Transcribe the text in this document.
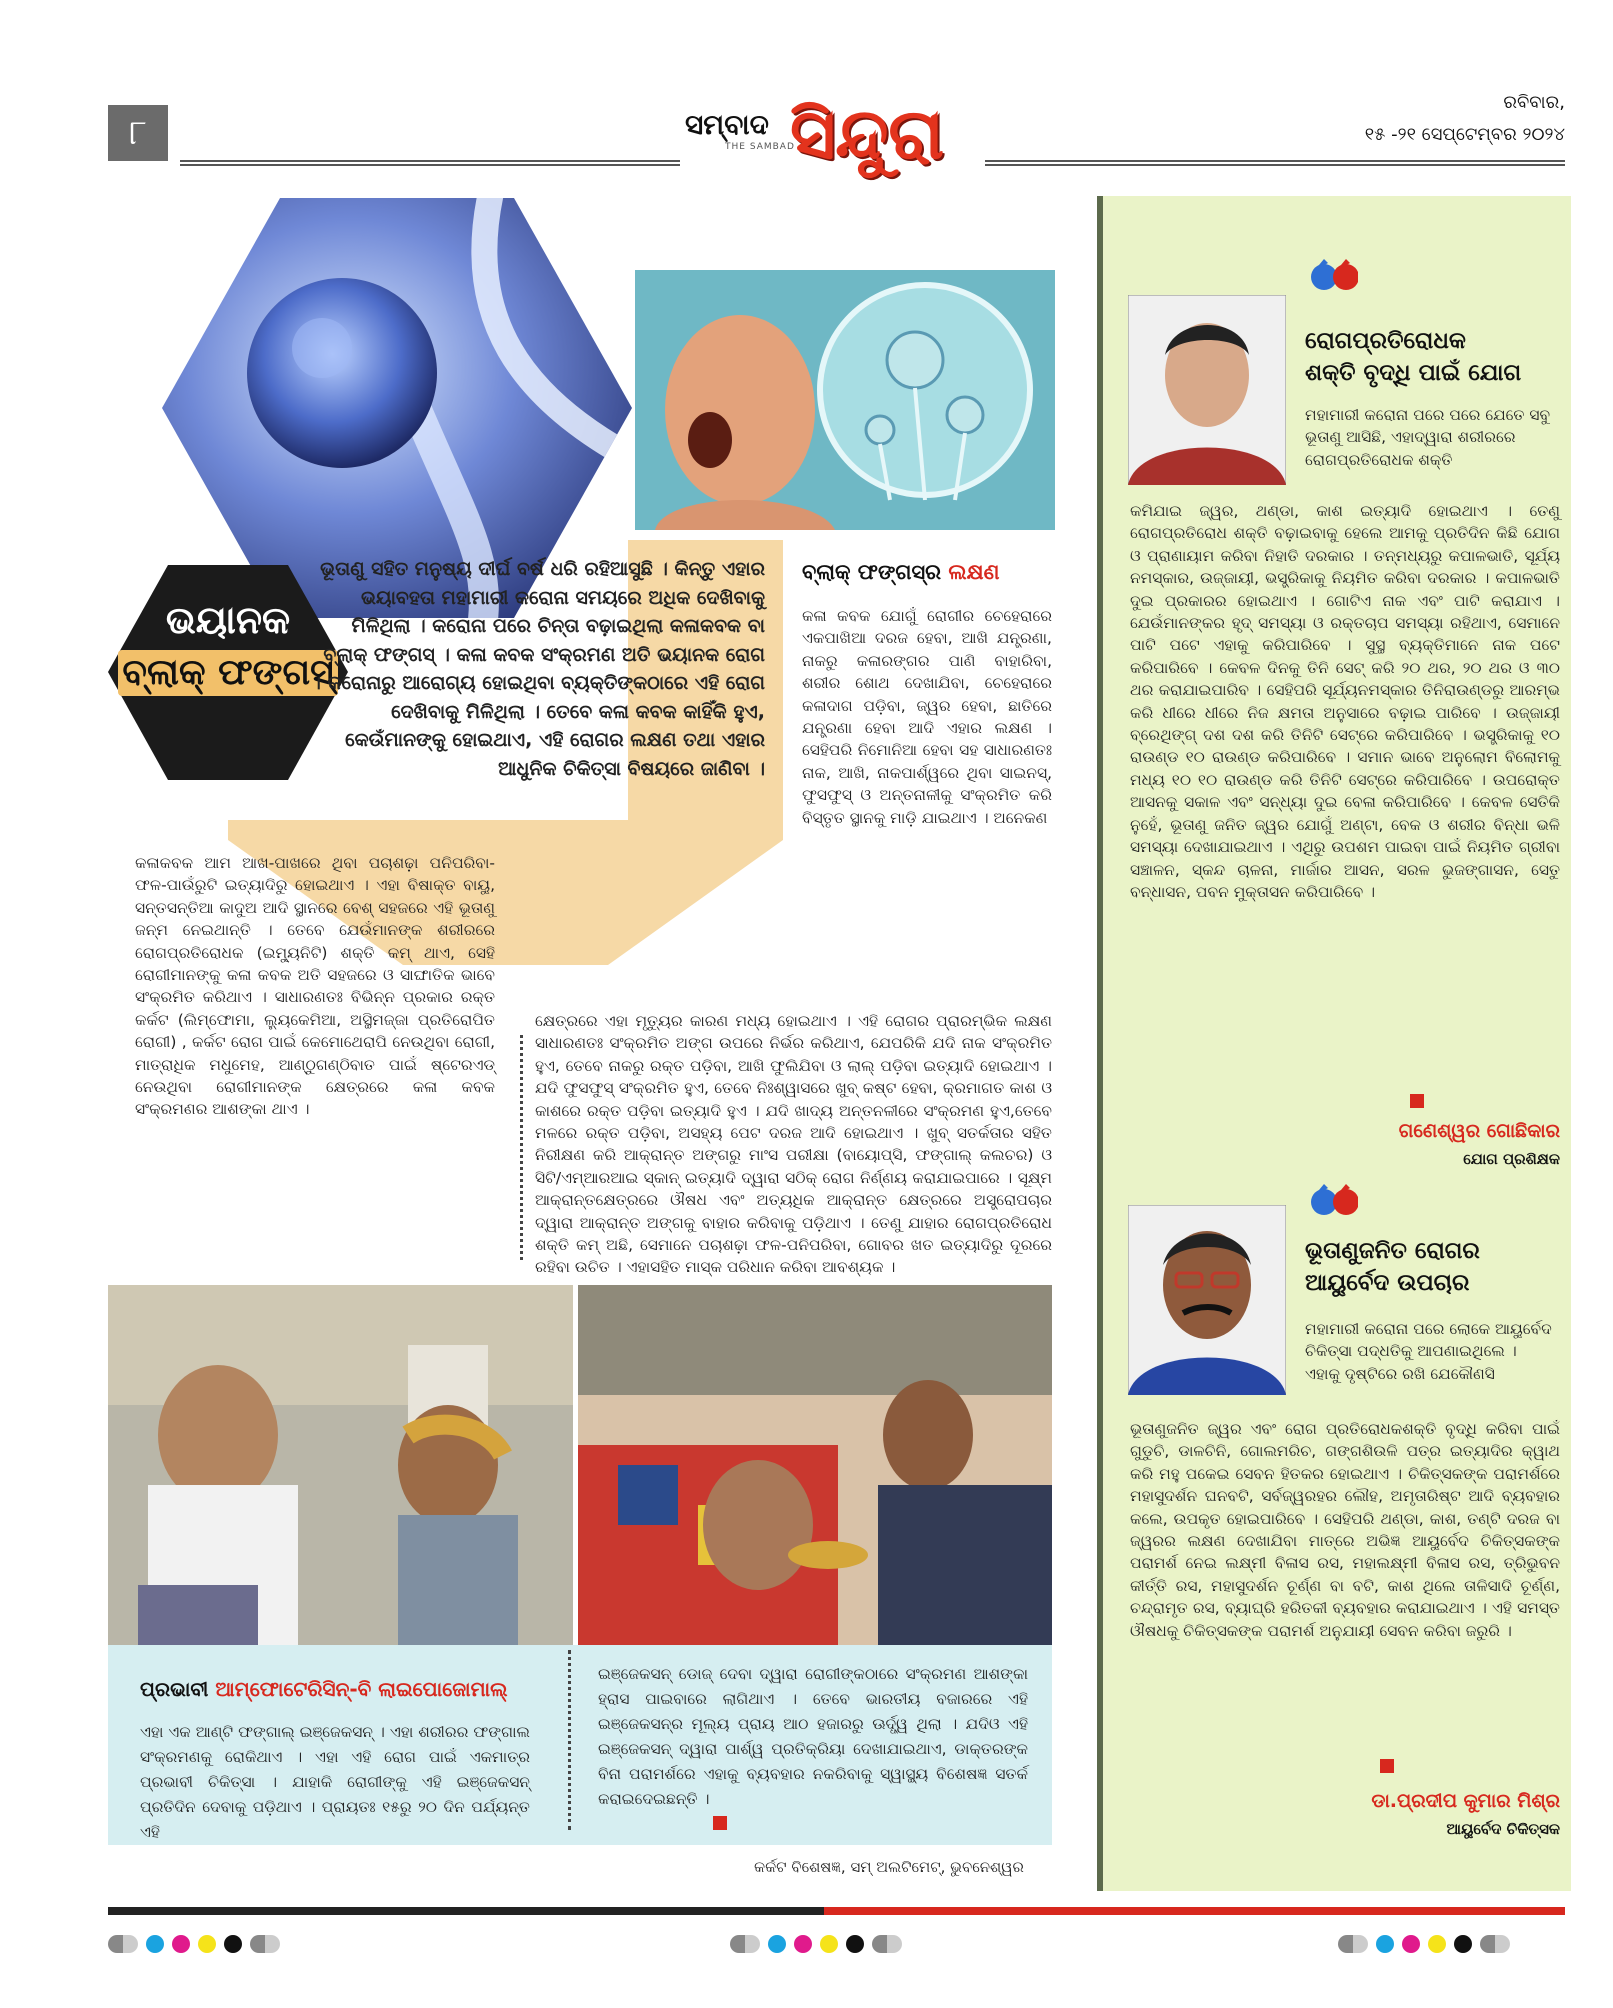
୮	ସମ୍ବାଦ
THE SAMBAD
ସିନ୍ଦୁରା	ରବିବାର,
୧୫ -୨୧ ସେପ୍ଟେମ୍ବର ୨୦୨୪
ଭୟାନକ
ବ୍ଲାକ୍ ଫଙ୍ଗସ୍
ଭୂତାଣୁ ସହିତ ମନୁଷ୍ୟ ଦୀର୍ଘ ବର୍ଷ ଧରି ରହିଆସୁଛି । କିନ୍ତୁ ଏହାର ଭୟାବହତା ମହାମାରୀ କରୋନା ସମୟରେ ଅଧିକ ଦେଖିବାକୁ ମିଳିଥିଲା । କରୋନା ପରେ ଚିନ୍ତା ବଢ଼ାଇଥିଲା କଳାକବକ ବା ବ୍ଲାକ୍ ଫଙ୍ଗସ୍ । କଳା କବକ ସଂକ୍ରମଣ ଅତି ଭୟାନକ ରୋଗ । କରୋନାରୁ ଆରୋଗ୍ୟ ହୋଇଥିବା ବ୍ୟକ୍ତିଙ୍କଠାରେ ଏହି ରୋଗ ଦେଖିବାକୁ ମିଳିଥିଲା । ତେବେ କଳା କବକ କାହିଁକି ହୁଏ, କେଉଁମାନଙ୍କୁ ହୋଇଥାଏ, ଏହି ରୋଗର ଲକ୍ଷଣ ତଥା ଏହାର ଆଧୁନିକ ଚିକିତ୍ସା ବିଷୟରେ ଜାଣିବା ।
କଳାକବକ ଆମ ଆଖ-ପାଖରେ ଥିବା ପଚାଶଢ଼ା ପନିପରିବା-ଫଳ-ପାଉଁରୁଟି ଇତ୍ୟାଦିରୁ ହୋଇଥାଏ । ଏହା ବିଷାକ୍ତ ବାୟୁ, ସନ୍ତସନ୍ତିଆ କାଦୁଅ ଆଦି ସ୍ଥାନରେ ବେଶ୍ ସହଜରେ ଏହି ଭୂତାଣୁ ଜନ୍ମ ନେଇଥାନ୍ତି । ତେବେ ଯେଉଁମାନଙ୍କ ଶରୀରରେ ରୋଗପ୍ରତିରୋଧକ (ଇମ୍ୟୁନିଟି) ଶକ୍ତି କମ୍ ଥାଏ, ସେହି ରୋଗୀମାନଙ୍କୁ କଳା କବକ ଅତି ସହଜରେ ଓ ସାଙ୍ଘାତିକ ଭାବେ ସଂକ୍ରମିତ କରିଥାଏ । ସାଧାରଣତଃ ବିଭିନ୍ନ ପ୍ରକାର ରକ୍ତ କର୍କଟ (ଲିମ୍ଫୋମା, ଲ୍ୟୁକେମିଆ, ଅସ୍ଥିମଜ୍ଜା ପ୍ରତିରୋପିତ ରୋଗୀ) , କର୍କଟ ରୋଗ ପାଇଁ କେମୋଥେରାପି ନେଉଥିବା ରୋଗୀ, ମାତ୍ରାଧିକ ମଧୁମେହ, ଆଣ୍ଠୁଗଣ୍ଠିବାତ ପାଇଁ ଷ୍ଟେରଏଡ୍ ନେଉଥିବା ରୋଗୀମାନଙ୍କ କ୍ଷେତ୍ରରେ କଳା କବକ ସଂକ୍ରମଣର ଆଶଙ୍କା ଥାଏ ।
ବ୍ଲାକ୍ ଫଙ୍ଗସ୍‌ର ଲକ୍ଷଣ
କଳା କବକ ଯୋଗୁଁ ରୋଗୀର ଚେହେରାରେ ଏକପାଖିଆ ଦରଜ ହେବା, ଆଖି ଯନ୍ତ୍ରଣା, ନାକରୁ କଳାରଙ୍ଗର ପାଣି ବାହାରିବା, ଶରୀର ଶୋଥ ଦେଖାଯିବା, ଚେହେରାରେ କଳାଦାଗ ପଡ଼ିବା, ଜ୍ୱର ହେବା, ଛାତିରେ ଯନ୍ତ୍ରଣା ହେବା ଆଦି ଏହାର ଲକ୍ଷଣ । ସେହିପରି ନିମୋନିଆ ହେବା ସହ ସାଧାରଣତଃ ନାକ, ଆଖି, ନାକପାର୍ଶ୍ୱରେ ଥିବା ସାଇନସ୍, ଫୁସଫୁସ୍ ଓ ଅନ୍ତନାଳୀକୁ ସଂକ୍ରମିତ କରି ବିସ୍ତୃତ ସ୍ଥାନକୁ ମାଡ଼ି ଯାଇଥାଏ । ଅନେକଣ
କ୍ଷେତ୍ରରେ ଏହା ମୃତ୍ୟୁର କାରଣ ମଧ୍ୟ ହୋଇଥାଏ । ଏହି ରୋଗର ପ୍ରାରମ୍ଭିକ ଲକ୍ଷଣ ସାଧାରଣତଃ ସଂକ୍ରମିତ ଅଙ୍ଗ ଉପରେ ନିର୍ଭର କରିଥାଏ, ଯେପରିକି ଯଦି ନାକ ସଂକ୍ରମିତ ହୁଏ, ତେବେ ନାକରୁ ରକ୍ତ ପଡ଼ିବା, ଆଖି ଫୁଲିଯିବା ଓ ଲାଲ୍ ପଡ଼ିବା ଇତ୍ୟାଦି ହୋଇଥାଏ । ଯଦି ଫୁସଫୁସ୍ ସଂକ୍ରମିତ ହୁଏ, ତେବେ ନିଃଶ୍ୱାସରେ ଖୁବ୍ କଷ୍ଟ ହେବା, କ୍ରମାଗତ କାଶ ଓ କାଶରେ ରକ୍ତ ପଡ଼ିବା ଇତ୍ୟାଦି ହୁଏ । ଯଦି ଖାଦ୍ୟ ଅନ୍ତନଳୀରେ ସଂକ୍ରମଣ ହୁଏ,ତେବେ ମଳରେ ରକ୍ତ ପଡ଼ିବା, ଅସହ୍ୟ ପେଟ ଦରଜ ଆଦି ହୋଇଥାଏ । ଖୁବ୍ ସତର୍କତାର ସହିତ ନିରୀକ୍ଷଣ କରି ଆକ୍ରାନ୍ତ ଅଙ୍ଗରୁ ମାଂସ ପରୀକ୍ଷା (ବାୟୋପ୍ସି, ଫଙ୍ଗାଲ୍ କଲଚର) ଓ ସିଟି/ଏମ୍ଆରଆଇ ସ୍କାନ୍ ଇତ୍ୟାଦି ଦ୍ୱାରା ସଠିକ୍ ରୋଗ ନିର୍ଣ୍ଣୟ କରାଯାଇପାରେ । ସୂକ୍ଷ୍ମ ଆକ୍ରାନ୍ତକ୍ଷେତ୍ରରେ ଔଷଧ ଏବଂ ଅତ୍ୟଧିକ ଆକ୍ରାନ୍ତ କ୍ଷେତ୍ରରେ ଅସ୍ତ୍ରୋପଚାର ଦ୍ୱାରା ଆକ୍ରାନ୍ତ ଅଙ୍ଗକୁ ବାହାର କରିବାକୁ ପଡ଼ିଥାଏ । ତେଣୁ ଯାହାର ରୋଗପ୍ରତିରୋଧ ଶକ୍ତି କମ୍ ଅଛି, ସେମାନେ ପଚାଶଢ଼ା ଫଳ-ପନିପରିବା, ଗୋବର ଖତ ଇତ୍ୟାଦିରୁ ଦୂରରେ ରହିବା ଉଚିତ । ଏହାସହିତ ମାସ୍କ ପରିଧାନ କରିବା ଆବଶ୍ୟକ ।
ପ୍ରଭାବୀ ଆମ୍ଫୋଟେରିସିନ୍-ବି ଲାଇପୋଜୋମାଲ୍
ଏହା ଏକ ଆଣ୍ଟି ଫଙ୍ଗାଲ୍ ଇଞ୍ଜେକସନ୍ । ଏହା ଶରୀରର ଫଙ୍ଗାଲ ସଂକ୍ରମଣକୁ ରୋକିଥାଏ । ଏହା ଏହି ରୋଗ ପାଇଁ ଏକମାତ୍ର ପ୍ରଭାବୀ ଚିକିତ୍ସା । ଯାହାକି ରୋଗୀଙ୍କୁ ଏହି ଇଞ୍ଜେକସନ୍ ପ୍ରତିଦିନ ଦେବାକୁ ପଡ଼ିଥାଏ । ପ୍ରାୟତଃ ୧୫ରୁ ୨୦ ଦିନ ପର୍ଯ୍ୟନ୍ତ ଏହି
ଇଞ୍ଜେକସନ୍ ଡୋଜ୍ ଦେବା ଦ୍ୱାରା ରୋଗୀଙ୍କଠାରେ ସଂକ୍ରମଣ ଆଶଙ୍କା ହ୍ରାସ ପାଇବାରେ ଲାଗିଥାଏ । ତେବେ ଭାରତୀୟ ବଜାରରେ ଏହି ଇଞ୍ଜେକସନ୍‌ର ମୂଲ୍ୟ ପ୍ରାୟ ଆଠ ହଜାରରୁ ଊର୍ଦ୍ଧ୍ୱ ଥିଲା । ଯଦିଓ ଏହି ଇଞ୍ଜେକସନ୍ ଦ୍ୱାରା ପାର୍ଶ୍ୱ ପ୍ରତିକ୍ରିୟା ଦେଖାଯାଇଥାଏ, ଡାକ୍ତରଙ୍କ ବିନା ପରାମର୍ଶରେ ଏହାକୁ ବ୍ୟବହାର ନକରିବାକୁ ସ୍ୱାସ୍ଥ୍ୟ ବିଶେଷଜ୍ଞ ସତର୍କ କରାଇଦେଇଛନ୍ତି ।
କର୍କଟ ବିଶେଷଜ୍ଞ, ସମ୍ ଅଲଟିମେଟ୍, ଭୁବନେଶ୍ୱର
ରୋଗପ୍ରତିରୋଧକ
ଶକ୍ତି ବୃଦ୍ଧି ପାଇଁ ଯୋଗ
ମହାମାରୀ କରୋନା ପରେ ପରେ ଯେତେ ସବୁ ଭୂତାଣୁ ଆସିଛି, ଏହାଦ୍ୱାରା ଶରୀରରେ ରୋଗପ୍ରତିରୋଧକ ଶକ୍ତି
କମିଯାଇ ଜ୍ୱର, ଥଣ୍ଡା, କାଶ ଇତ୍ୟାଦି ହୋଇଥାଏ । ତେଣୁ ରୋଗପ୍ରତିରୋଧ ଶକ୍ତି ବଢ଼ାଇବାକୁ ହେଲେ ଆମକୁ ପ୍ରତିଦିନ କିଛି ଯୋଗ ଓ ପ୍ରାଣାୟାମ କରିବା ନିହାତି ଦରକାର । ତନ୍ମଧ୍ୟରୁ କପାଳଭାତି, ସୂର୍ଯ୍ୟ ନମସ୍କାର, ଉଜ୍ଜାୟୀ, ଭସ୍ତ୍ରିକାକୁ ନିୟମିତ କରିବା ଦରକାର । କପାଳଭାତି ଦୁଇ ପ୍ରକାରର ହୋଇଥାଏ । ଗୋଟିଏ ନାକ ଏବଂ ପାଟି କରାଯାଏ । ଯେଉଁମାନଙ୍କର ହୃଦ୍ ସମସ୍ୟା ଓ ରକ୍ତଚାପ ସମସ୍ୟା ରହିଥାଏ, ସେମାନେ ପାଟି ପଟେ ଏହାକୁ କରିପାରିବେ । ସୁସ୍ଥ ବ୍ୟକ୍ତିମାନେ ନାକ ପଟେ କରିପାରିବେ । କେବଳ ଦିନକୁ ତିନି ସେଟ୍ କରି ୨୦ ଥର, ୨୦ ଥର ଓ ୩୦ ଥର କରାଯାଇପାରିବ । ସେହିପରି ସୂର୍ଯ୍ୟନମସ୍କାର ତିନିରାଉଣ୍ଡରୁ ଆରମ୍ଭ କରି ଧୀରେ ଧୀରେ ନିଜ କ୍ଷମତା ଅନୁସାରେ ବଢ଼ାଇ ପାରିବେ । ଉଜ୍ଜାୟୀ ବ୍ରେଥିଙ୍ଗ୍ ଦଶ ଦଶ କରି ତିନିଟି ସେଟ୍‌ରେ କରିପାରିବେ । ଭସ୍ତ୍ରିକାକୁ ୧୦ ରାଉଣ୍ଡ ୧୦ ରାଉଣ୍ଡ କରିପାରିବେ । ସମାନ ଭାବେ ଅନୁଲୋମ ବିଲୋମକୁ ମଧ୍ୟ ୧୦ ୧୦ ରାଉଣ୍ଡ କରି ତିନିଟି ସେଟ୍‌ରେ କରିପାରିବେ । ଉପରୋକ୍ତ ଆସନକୁ ସକାଳ ଏବଂ ସନ୍ଧ୍ୟା ଦୁଇ ବେଳା କରିପାରିବେ । କେବଳ ସେତିକି ନୁହେଁ, ଭୂତାଣୁ ଜନିତ ଜ୍ୱର ଯୋଗୁଁ ଅଣ୍ଟା, ବେକ ଓ ଶରୀର ବିନ୍ଧା ଭଳି ସମସ୍ୟା ଦେଖାଯାଇଥାଏ । ଏଥିରୁ ଉପଶମ ପାଇବା ପାଇଁ ନିୟମିତ ଗ୍ରୀବା ସଞ୍ଚାଳନ, ସ୍କନ୍ଦ ଚାଳନା, ମାର୍ଜାର ଆସନ, ସରଳ ଭୁଜଙ୍ଗାସନ, ସେତୁ ବନ୍ଧାସନ, ପବନ ମୁକ୍ତାସନ କରିପାରିବେ ।
ଗଣେଶ୍ୱର ଗୋଛିକାର
ଯୋଗ ପ୍ରଶିକ୍ଷକ
ଭୂତାଣୁଜନିତ ରୋଗର
ଆୟୁର୍ବେଦ ଉପଚାର
ମହାମାରୀ କରୋନା ପରେ ଲୋକେ ଆୟୁର୍ବେଦ ଚିକିତ୍ସା ପଦ୍ଧତିକୁ ଆପଣାଇଥିଲେ । ଏହାକୁ ଦୃଷ୍ଟିରେ ରଖି ଯେକୌଣସି
ଭୂତାଣୁଜନିତ ଜ୍ୱର ଏବଂ ରୋଗ ପ୍ରତିରୋଧକଶକ୍ତି ବୃଦ୍ଧି କରିବା ପାଇଁ ଗୁଡୁଚି, ଡାଳଚିନି, ଗୋଲମରିଚ, ଗଙ୍ଗଶିଉଳି ପତ୍ର ଇତ୍ୟାଦିର କ୍ୱାଥ କରି ମହୁ ପକେଇ ସେବନ ହିତକର ହୋଇଥାଏ । ଚିକିତ୍ସକଙ୍କ ପରାମର୍ଶରେ ମହାସୁଦର୍ଶନ ଘନବଟି, ସର୍ବଜ୍ୱରହର ଲୌହ, ଅମୃତାରିଷ୍ଟ ଆଦି ବ୍ୟବହାର କଲେ, ଉପକୃତ ହୋଇପାରିବେ । ସେହିପରି ଥଣ୍ଡା, କାଶ, ତଣ୍ଟି ଦରଜ ବା ଜ୍ୱରର ଲକ୍ଷଣ ଦେଖାଯିବା ମାତ୍ରେ ଅଭିଜ୍ଞ ଆୟୁର୍ବେଦ ଚିକିତ୍ସକଙ୍କ ପରାମର୍ଶ ନେଇ ଲକ୍ଷ୍ମୀ ବିଳାସ ରସ, ମହାଲକ୍ଷ୍ମୀ ବିଳାସ ରସ, ତ୍ରିଭୁବନ କୀର୍ତ୍ତି ରସ, ମହାସୁଦର୍ଶନ ଚୂର୍ଣ୍ଣ ବା ବଟି, କାଶ ଥିଲେ ତାଳିସାଦି ଚୂର୍ଣ୍ଣ, ଚନ୍ଦ୍ରାମୃତ ରସ, ବ୍ୟାଘ୍ରି ହରିତକୀ ବ୍ୟବହାର କରାଯାଇଥାଏ । ଏହି ସମସ୍ତ ଔଷଧକୁ ଚିକିତ୍ସକଙ୍କ ପରାମର୍ଶ ଅନୁଯାୟୀ ସେବନ କରିବା ଜରୁରି ।
ଡା.ପ୍ରଦୀପ କୁମାର ମିଶ୍ର
ଆୟୁର୍ବେଦ ଚିକିତ୍ସକ
